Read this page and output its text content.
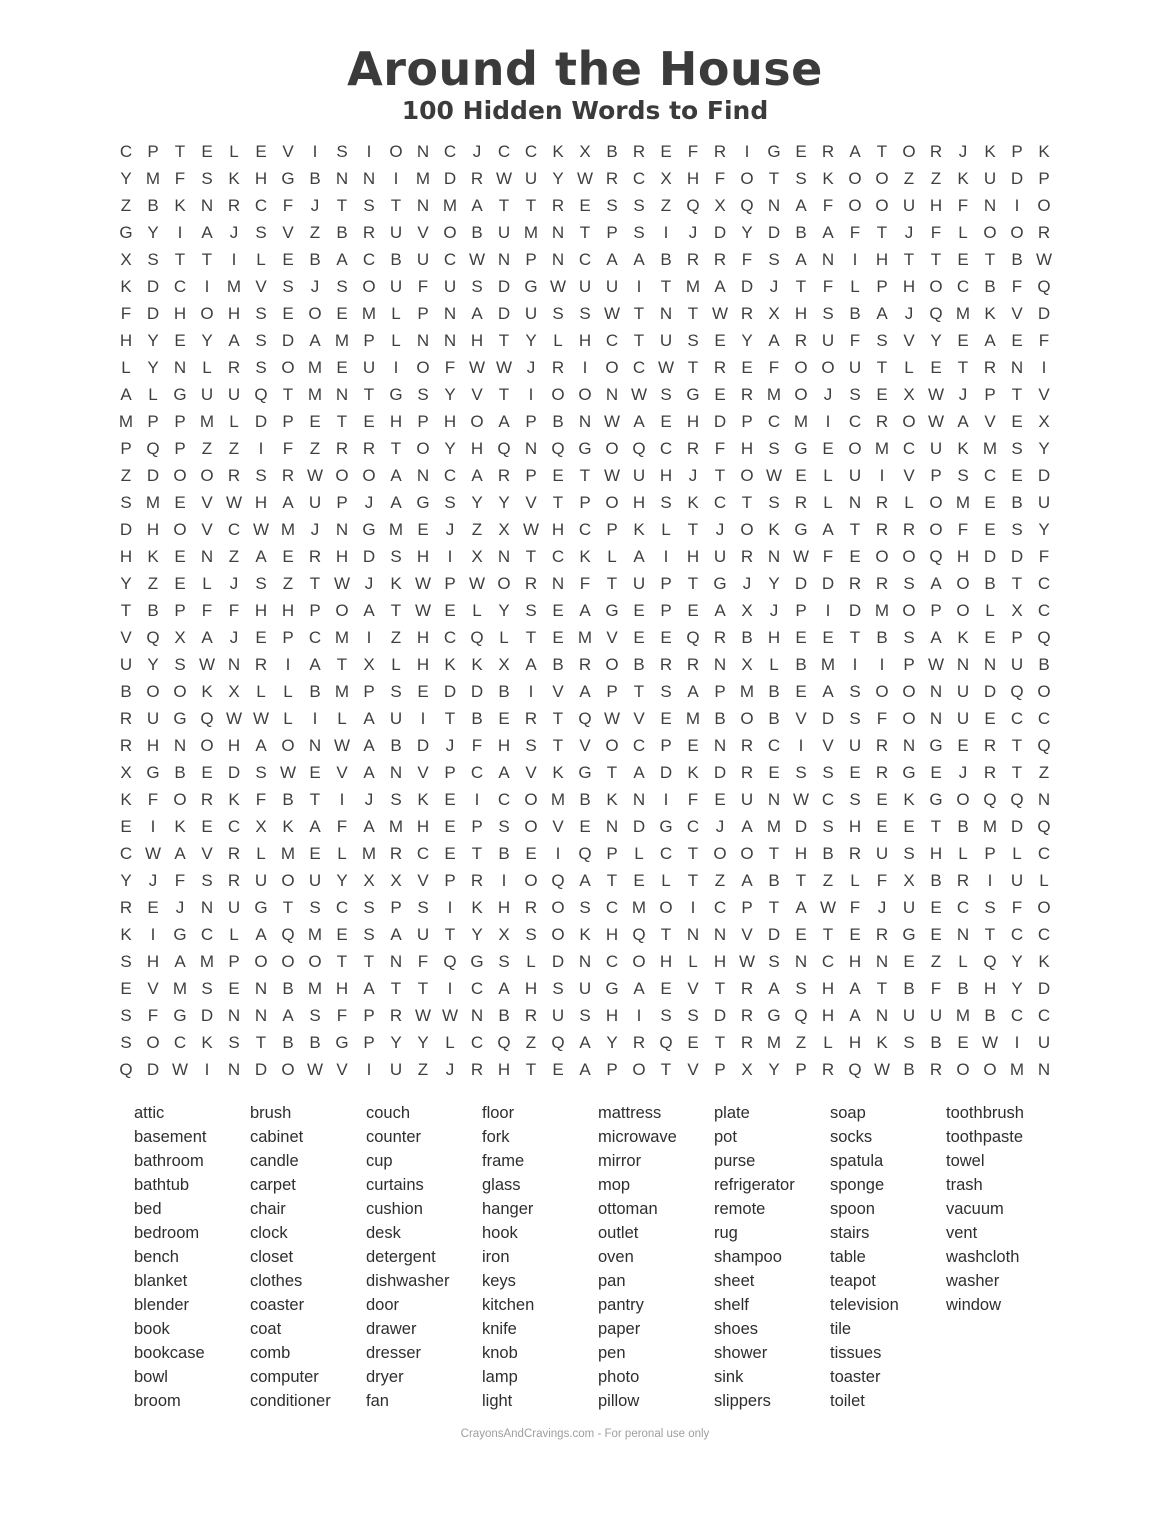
Around the House
100 Hidden Words to Find
C P T E L E V	I	S	I	O N C J C C K X B R E F R	I	G E R A T O R J	K P K
Y M F S K H G B N N	I	M D R W U Y W R C X H F O T S K O O Z Z K U D P
Z B K N R C F	J	T S T N M A T T R E S S Z Q X Q N A F O O U H F N	I	O
G Y	I	A	J	S V Z B R U V O B U M N T P S	I	J D Y D B A F T	J	F	L O O R
X S T T	I	L E B A C B U C W N P N C A A B R R F S A N	I	H T T E T B W
K D C	I	M V S	J	S O U F U S D G W U U	I	T M A D J	T F	L P H O C B F Q
F D H O H S E O E M L P N A D U S S W T N T W R X H S B A	J Q M K V D
H Y E Y A S D A M P L N N H T Y L H C T U S E Y A R U F S V Y E A E F
L Y N L R S O M E U	I	O F W W J R	I	O C W T R E F O O U T	L E T R N	I
A L G U U Q T M N T G S Y V T	I	O O N W S G E R M O J	S E X W J	P T V
M P P M L D P E T E H P H O A P B N W A E H D P C M	I	C R O W A V E X
P Q P Z Z	I	F Z R R T O Y H Q N Q G O Q C R F H S G E O M C U K M S Y
Z D O O R S R W O O A N C A R P E T W U H J	T O W E L U	I	V P S C E D
S M E V W H A U P	J	A G S Y Y V T P O H S K C T S R L N R L O M E B U
D H O V C W M J N G M E	J	Z X W H C P K L	T	J O K G A T R R O F E S Y
H K E N Z A E R H D S H	I	X N T C K L A	I	H U R N W F E O O Q H D D F
Y Z E L	J	S Z T W J	K W P W O R N F T U P T G J	Y D D R R S A O B T C
T B P F F H H P O A T W E L Y S E A G E P E A X	J	P	I	D M O P O L X C
V Q X A	J	E P C M	I	Z H C Q L	T E M V E E Q R B H E E T B S A K E P Q
U Y S W N R	I	A T X L H K K X A B R O B R R N X L B M	I	I	P W N N U B
B O O K X L	L B M P S E D D B	I	V A P T S A P M B E A S O O N U D Q O
R U G Q W W L	I	L A U	I	T B E R T Q W V E M B O B V D S F O N U E C C
R H N O H A O N W A B D J	F H S T V O C P E N R C	I	V U R N G E R T Q
X G B E D S W E V A N V P C A V K G T A D K D R E S S E R G E	J R T Z
K F O R K F B T	I	J	S K E	I	C O M B K N	I	F E U N W C S E K G O Q Q N
E	I	K E C X K A F A M H E P S O V E N D G C J	A M D S H E E T B M D Q
C W A V R L M E L M R C E T B E	I	Q P L C T O O T H B R U S H L P L C
Y	J	F S R U O U Y X X V P R	I	O Q A T E L	T Z A B T Z	L	F X B R	I	U L
R E	J N U G T S C S P S	I	K H R O S C M O	I	C P T A W F	J U E C S F O
K	I	G C L A Q M E S A U T Y X S O K H Q T N N V D E T E R G E N T C C
S H A M P O O O T T N F Q G S L D N C O H L H W S N C H N E Z	L Q Y K
E V M S E N B M H A T T	I	C A H S U G A E V T R A S H A T B F B H Y D
S F G D N N A S F P R W W N B R U S H	I	S S D R G Q H A N U U M B C C
S O C K S T B B G P Y Y L C Q Z Q A Y R Q E T R M Z	L H K S B E W I	U
Q D W I	N D O W V	I	U Z	J R H T E A P O T V P X Y P R Q W B R O O M N
attic
basement
bathroom
bathtub
bed
bedroom
bench
blanket
blender
book
bookcase
bowl
broom
brush
cabinet
candle
carpet
chair
clock
closet
clothes
coaster
coat
comb
computer
conditioner
couch
counter
cup
curtains
cushion
desk
detergent
dishwasher
door
drawer
dresser
dryer
fan
floor
fork
frame
glass
hanger
hook
iron
keys
kitchen
knife
knob
lamp
light
mattress
microwave
mirror
mop
ottoman
outlet
oven
pan
pantry
paper
pen
photo
pillow
plate
pot
purse
refrigerator
remote
rug
shampoo
sheet
shelf
shoes
shower
sink
slippers
soap
socks
spatula
sponge
spoon
stairs
table
teapot
television
tile
tissues
toaster
toilet
toothbrush
toothpaste
towel
trash
vacuum
vent
washcloth
washer
window
CrayonsAndCravings.com - For peronal use only
